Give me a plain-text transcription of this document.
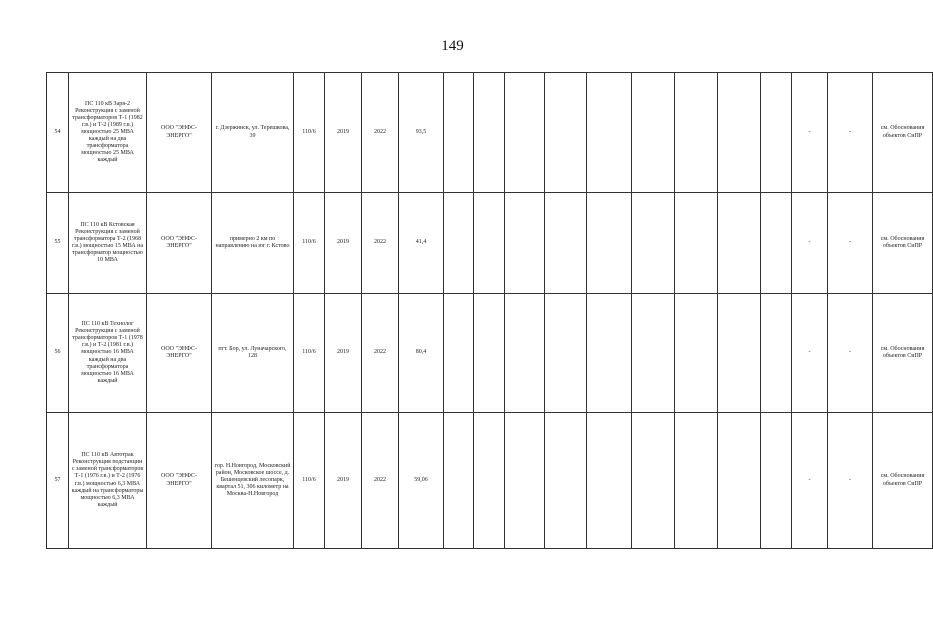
149
54	ПС 110 кВ Заря-2 Реконструкция с заменой трансформаторов Т-1 (1982 г.в.) и Т-2 (1989 г.в.) мощностью 25 МВА каждый на два трансформатора мощностью 25 МВА каждый	ООО "ЭНФС-ЭНЕРГО"	г. Дзержинск, ул. Терешкова, 39	110/6	2019	2022	93,5										-	-	см. Обоснования объектов СиПР
55	ПС 110 кВ Кстовская Реконструкция с заменой трансформатора Т-2 (1968 г.в.) мощностью 15 МВА на трансформатор мощностью 10 МВА	ООО "ЭНФС-ЭНЕРГО"	примерно 2 км по направлению на юг г. Кстово	110/6	2019	2022	41,4										-	-	см. Обоснования объектов СиПР
56	ПС 110 кВ Технолог Реконструкция с заменой трансформаторов Т-1 (1978 г.в.) и Т-2 (1981 г.в.) мощностью 16 МВА каждый на два трансформатора мощностью 16 МВА каждый	ООО "ЭНФС-ЭНЕРГО"	пгт. Бор, ул. Луначарского, 128	110/6	2019	2022	80,4										-	-	см. Обоснования объектов СиПР
57	ПС 110 кВ Автотрак Реконструкция подстанции с заменой трансформаторов Т-1 (1976 г.в.) и Т-2 (1976 г.в.) мощностью 6,3 МВА каждый на трансформаторы мощностью 6,3 МВА каждый	ООО "ЭНФС-ЭНЕРГО"	гор. Н.Новгород, Московский район, Московское шоссе, д. Бешенцевский лесопарк, квартал 51, 306 километр на Москва-Н.Новгород	110/6	2019	2022	59,06										-	-	см. Обоснования объектов СиПР
